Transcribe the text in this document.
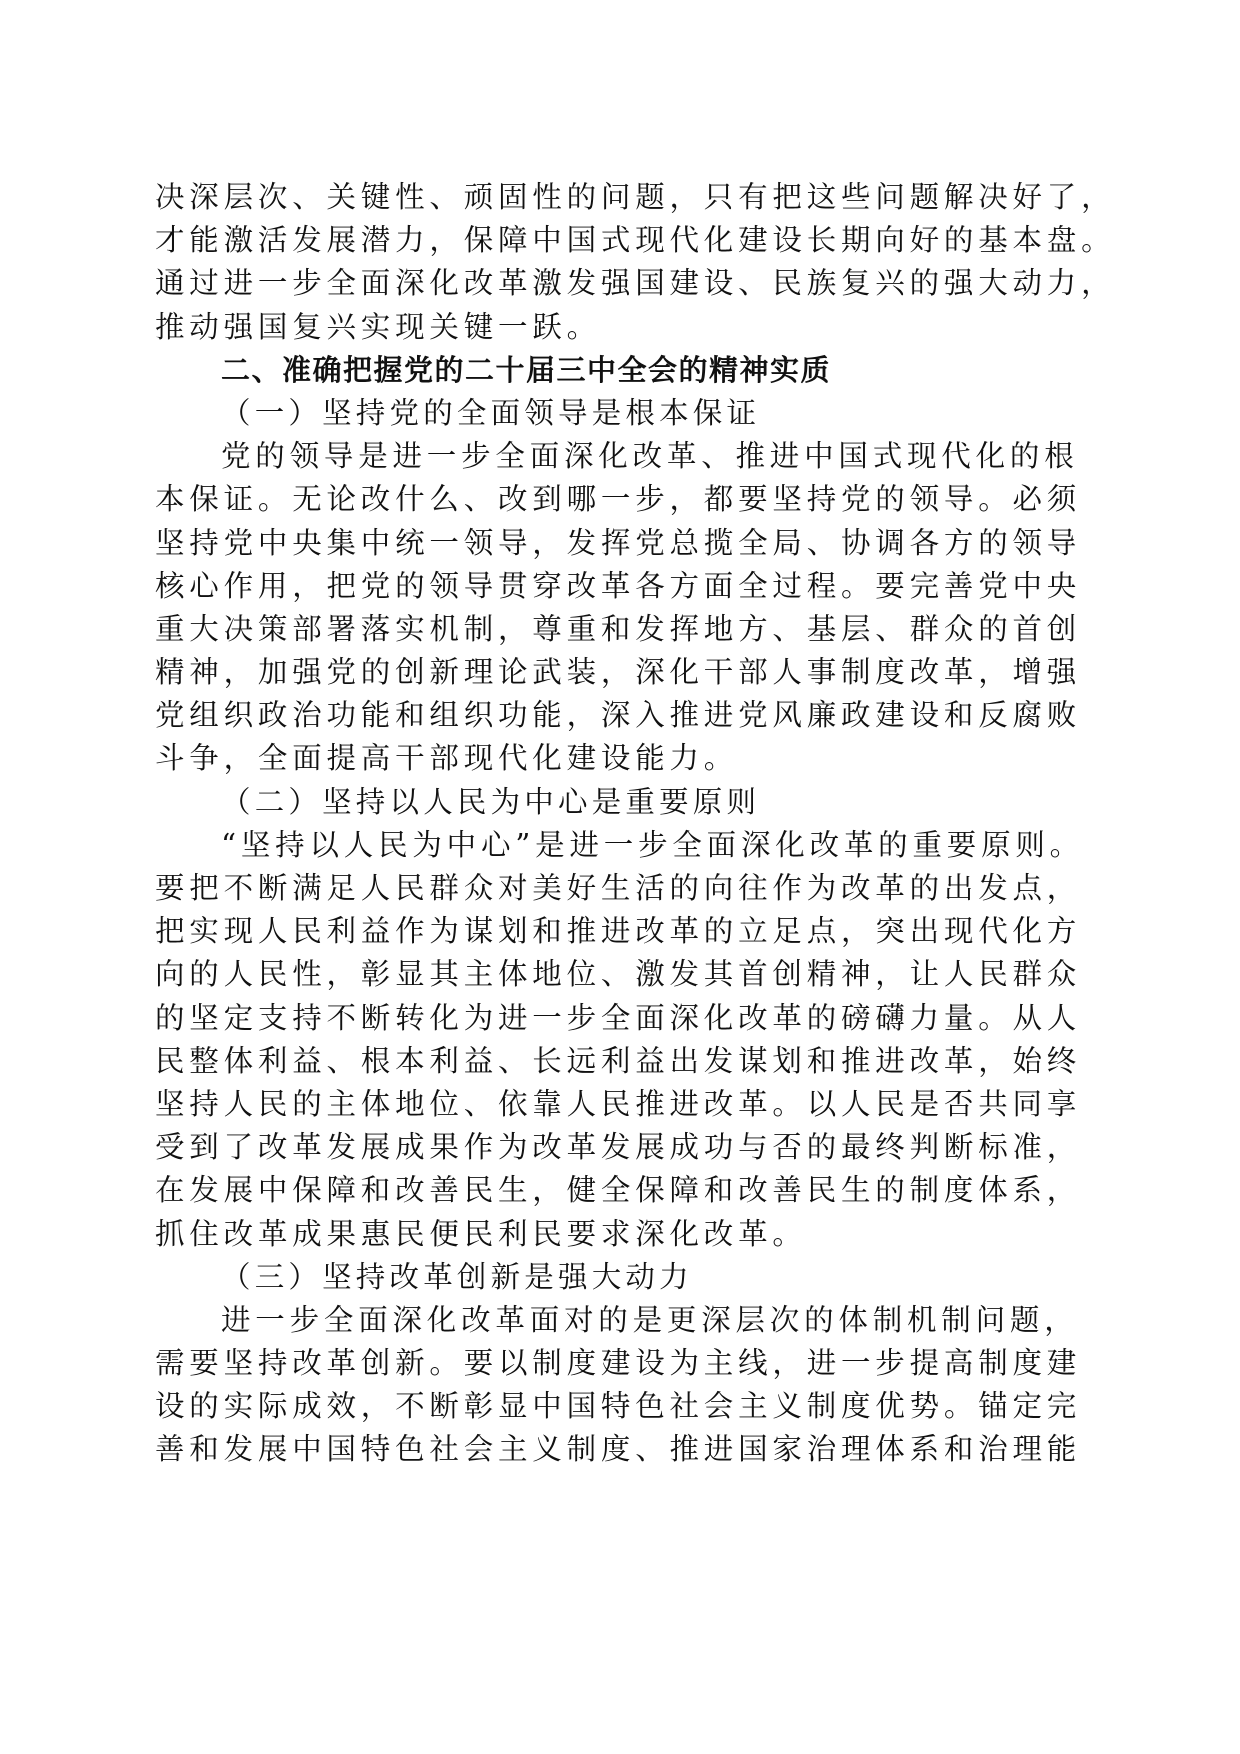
决深层次、关键性、顽固性的问题，只有把这些问题解决好了，
才能激活发展潜力，保障中国式现代化建设长期向好的基本盘。
通过进一步全面深化改革激发强国建设、民族复兴的强大动力，
推动强国复兴实现关键一跃。
二、准确把握党的二十届三中全会的精神实质
（一）坚持党的全面领导是根本保证
党的领导是进一步全面深化改革、推进中国式现代化的根
本保证。无论改什么、改到哪一步，都要坚持党的领导。必须
坚持党中央集中统一领导，发挥党总揽全局、协调各方的领导
核心作用，把党的领导贯穿改革各方面全过程。要完善党中央
重大决策部署落实机制，尊重和发挥地方、基层、群众的首创
精神，加强党的创新理论武装，深化干部人事制度改革，增强
党组织政治功能和组织功能，深入推进党风廉政建设和反腐败
斗争，全面提高干部现代化建设能力。
（二）坚持以人民为中心是重要原则
“坚持以人民为中心”是进一步全面深化改革的重要原则。
要把不断满足人民群众对美好生活的向往作为改革的出发点，
把实现人民利益作为谋划和推进改革的立足点，突出现代化方
向的人民性，彰显其主体地位、激发其首创精神，让人民群众
的坚定支持不断转化为进一步全面深化改革的磅礴力量。从人
民整体利益、根本利益、长远利益出发谋划和推进改革，始终
坚持人民的主体地位、依靠人民推进改革。以人民是否共同享
受到了改革发展成果作为改革发展成功与否的最终判断标准，
在发展中保障和改善民生，健全保障和改善民生的制度体系，
抓住改革成果惠民便民利民要求深化改革。
（三）坚持改革创新是强大动力
进一步全面深化改革面对的是更深层次的体制机制问题，
需要坚持改革创新。要以制度建设为主线，进一步提高制度建
设的实际成效，不断彰显中国特色社会主义制度优势。锚定完
善和发展中国特色社会主义制度、推进国家治理体系和治理能
